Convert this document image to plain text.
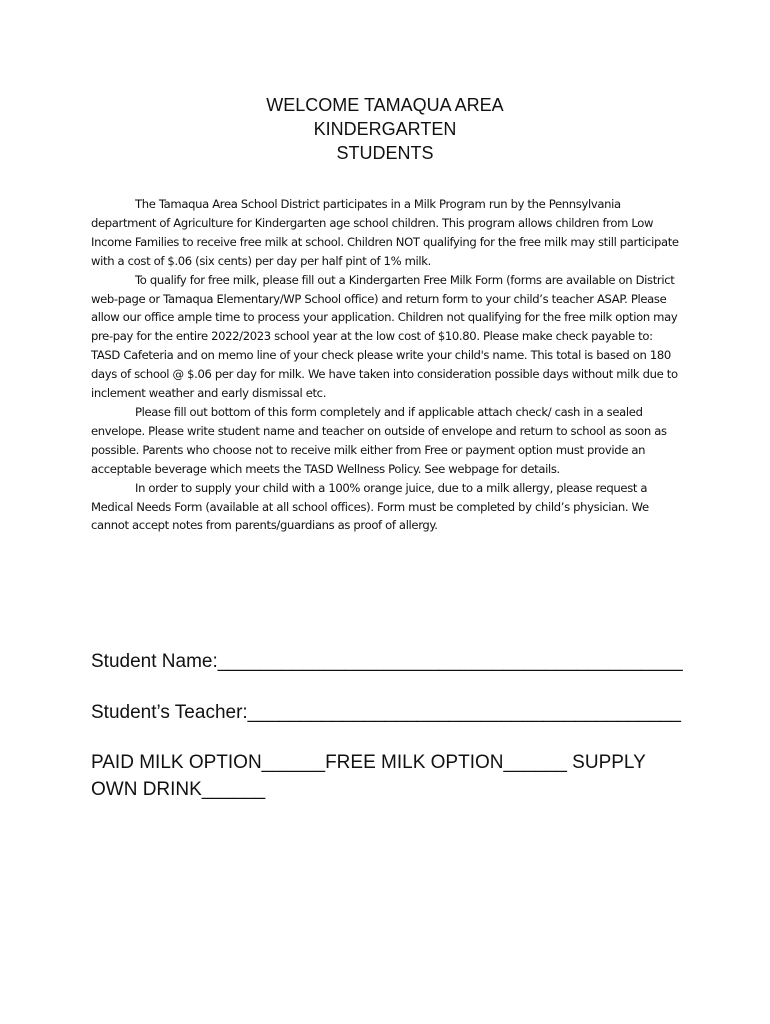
WELCOME TAMAQUA AREA
KINDERGARTEN
STUDENTS

The Tamaqua Area School District participates in a Milk Program run by the Pennsylvania department of Agriculture for Kindergarten age school children. This program allows children from Low Income Families to receive free milk at school. Children NOT qualifying for the free milk may still participate with a cost of $.06 (six cents) per day per half pint of 1% milk.

To qualify for free milk, please fill out a Kindergarten Free Milk Form (forms are available on District web-page or Tamaqua Elementary/WP School office) and return form to your child’s teacher ASAP. Please allow our office ample time to process your application. Children not qualifying for the free milk option may pre-pay for the entire 2022/2023 school year at the low cost of $10.80. Please make check payable to: TASD Cafeteria and on memo line of your check please write your child's name. This total is based on 180 days of school @ $.06 per day for milk. We have taken into consideration possible days without milk due to inclement weather and early dismissal etc.

Please fill out bottom of this form completely and if applicable attach check/ cash in a sealed envelope. Please write student name and teacher on outside of envelope and return to school as soon as possible. Parents who choose not to receive milk either from Free or payment option must provide an acceptable beverage which meets the TASD Wellness Policy. See webpage for details.

In order to supply your child with a 100% orange juice, due to a milk allergy, please request a Medical Needs Form (available at all school offices). Form must be completed by child’s physician. We cannot accept notes from parents/guardians as proof of allergy.

Student Name:____________________________________________

Student’s Teacher:_________________________________________

PAID MILK OPTION______FREE MILK OPTION______ SUPPLY OWN DRINK______
